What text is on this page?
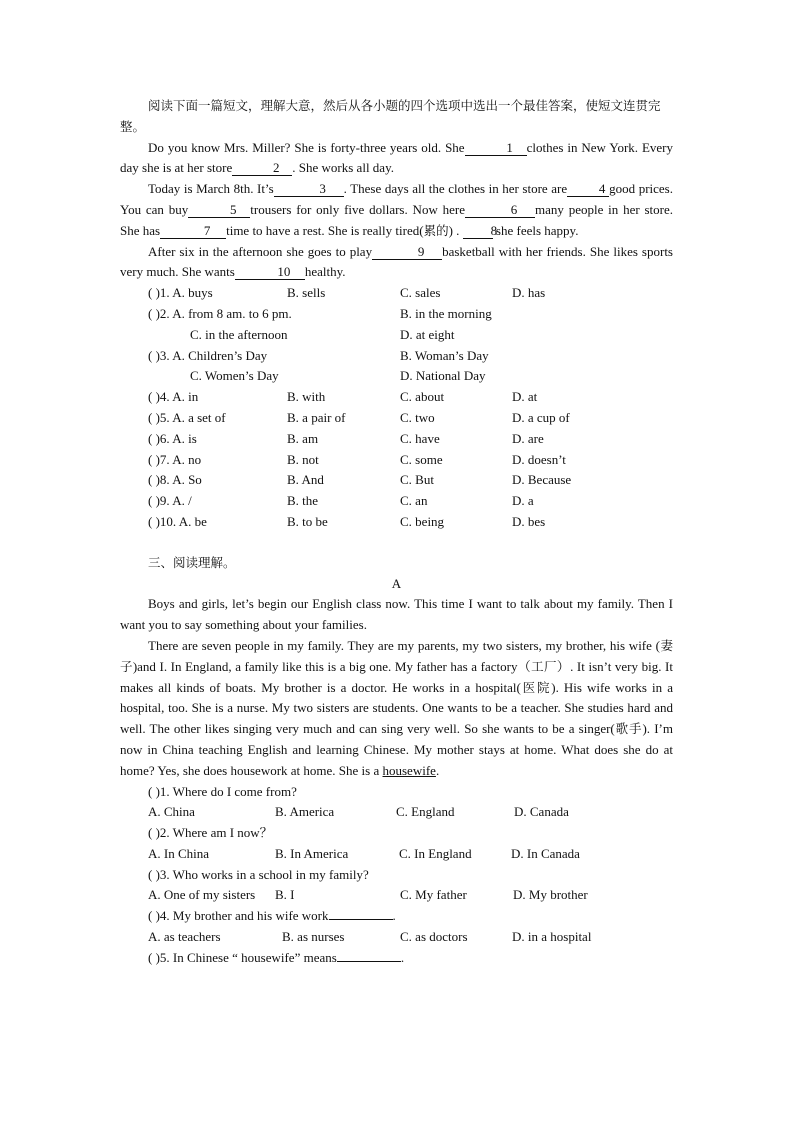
阅读下面一篇短文，理解大意，然后从各小题的四个选项中选出一个最佳答案，使短文连贯完整。

Do you know Mrs. Miller? She is forty-three years old. She	1 clothes in New York. Every day she is at her store	2 . She works all day.

Today is March 8th. It’s	3 . These days all the clothes in her store are 4 good prices. You can buy	5 trousers for only five dollars. Now here	6 many people in her store. She has	7 time to have a rest. She is really tired(累的) . 8 she feels happy.

After six in the afternoon she goes to play	9 basketball with her friends. She likes sports very much. She wants	10 healthy.

( )1. A. buys	B. sells	C. sales	D. has
( )2. A. from 8 am. to 6 pm.	B. in the morning
C. in the afternoon	D. at eight
( )3. A. Children’s Day	B. Woman’s Day
C. Women’s Day	D. National Day
( )4. A. in	B. with	C. about	D. at
( )5. A. a set of	B. a pair of	C. two	D. a cup of
( )6. A. is	B. am	C. have	D. are
( )7. A. no	B. not	C. some	D. doesn’t
( )8. A. So	B. And	C. But	D. Because
( )9. A. /	B. the	C. an	D. a
( )10. A. be	B. to be	C. being	D. bes

三、阅读理解。

A

Boys and girls, let’s begin our English class now. This time I want to talk about my family. Then I want you to say something about your families.

There are seven people in my family. They are my parents, my two sisters, my brother, his wife (妻子)and I. In England, a family like this is a big one. My father has a factory（工厂）. It isn’t very big. It makes all kinds of boats. My brother is a doctor. He works in a hospital(医院). His wife works in a hospital, too. She is a nurse. My two sisters are students. One wants to be a teacher. She studies hard and well. The other likes singing very much and can sing very well. So she wants to be a singer(歌手). I’m now in China teaching English and learning Chinese. My mother stays at home. What does she do at home? Yes, she does housework at home. She is a housewife.

( )1. Where do I come from?
A. China	B. America	C. England	D. Canada
( )2. Where am I now？
A. In China	B. In America	C. In England	D. In Canada
( )3. Who works in a school in my family?
A. One of my sisters B. I	C. My father	D. My brother
( )4. My brother and his wife work	.
A. as teachers	B. as nurses	C. as doctors	D. in a hospital
( )5. In Chinese “ housewife” means	.
